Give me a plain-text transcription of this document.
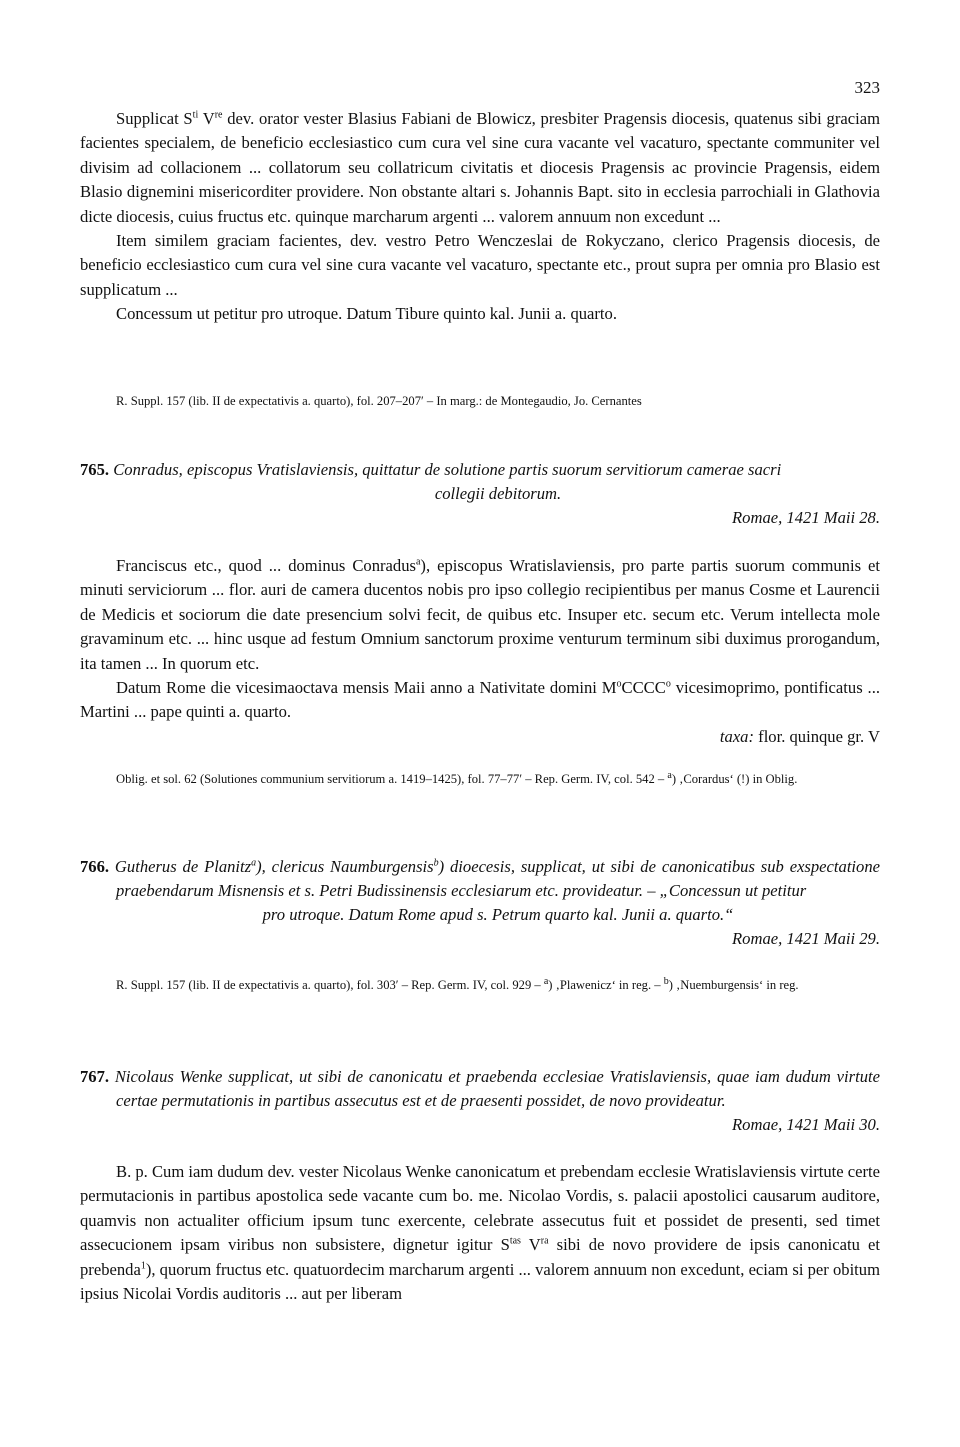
323

Supplicat $S^{ti}$ Vre dev. orator vester Blasius Fabiani de Blowicz, presbiter Pragensis diocesis, quatenus sibi graciam facientes specialem, de beneficio ecclesiastico cum cura vel sine cura vacante vel vacaturo, spectante communiter vel divisim ad collacionem ... collatorum seu collatricum civitatis et diocesis Pragensis ac provincie Pragensis, eidem Blasio dignemini misericorditer providere. Non obstante altari s. Johannis Bapt. sito in ecclesia parrochiali in Glathovia dicte diocesis, cuius fructus etc. quinque marcharum argenti ... valorem annuum non excedunt ...

Item similem graciam facientes, dev. vestro Petro Wenczeslai de Rokyczano, clerico Pragensis diocesis, de beneficio ecclesiastico cum cura vel sine cura vacante vel vacaturo, spectante etc., prout supra per omnia pro Blasio est supplicatum ...

Concessum ut petitur pro utroque. Datum Tibure quinto kal. Junii a. quarto.

R. Suppl. 157 (lib. II de expectativis a. quarto), fol. 207–207′ – In marg.: de Montegaudio, Jo. Cernantes

765. Conradus, episcopus Vratislaviensis, quittatur de solutione partis suorum servitiorum camerae sacri
collegii debitorum.

Romae, 1421 Maii 28.

Franciscus etc., quod ... dominus Conradus$^a$), episcopus Wratislaviensis, pro parte partis suorum communis et minuti serviciorum ... flor. auri de camera ducentos nobis pro ipso collegio recipientibus per manus Cosme et Laurencii de Medicis et sociorum die date presencium solvi fecit, de quibus etc. Insuper etc. secum etc. Verum intellecta mole gravaminum etc. ... hinc usque ad festum Omnium sanctorum proxime venturum terminum sibi duximus prorogandum, ita tamen ... In quorum etc.

Datum Rome die vicesimaoctava mensis Maii anno a Nativitate domini $M^oCCCC^o$ vicesimoprimo, pontificatus ... Martini ... pape quinti a. quarto.

taxa: flor. quinque gr. V

Oblig. et sol. 62 (Solutiones communium servitiorum a. 1419–1425), fol. 77–77′ – Rep. Germ. IV, col. 542 – $^a$) ‚Corardus‘ (!) in Oblig.

766. Gutherus de Planitz$^a$), clericus Naumburgensis$^b$) dioecesis, supplicat, ut sibi de canonicatibus sub exspectatione praebendarum Misnensis et s. Petri Budissinensis ecclesiarum etc. provideatur. – „Concessun ut petitur
pro utroque. Datum Rome apud s. Petrum quarto kal. Junii a. quarto.“

Romae, 1421 Maii 29.

R. Suppl. 157 (lib. II de expectativis a. quarto), fol. 303′ – Rep. Germ. IV, col. 929 – $^a$) ‚Plawenicz‘ in reg. – $^b$) ‚Nuemburgensis‘ in reg.

767. Nicolaus Wenke supplicat, ut sibi de canonicatu et praebenda ecclesiae Vratislaviensis, quae iam dudum virtute certae permutationis in partibus assecutus est et de praesenti possidet, de novo provideatur.

Romae, 1421 Maii 30.

B. p. Cum iam dudum dev. vester Nicolaus Wenke canonicatum et prebendam ecclesie Wratislaviensis virtute certe permutacionis in partibus apostolica sede vacante cum bo. me. Nicolao Vordis, s. palacii apostolici causarum auditore, quamvis non actualiter officium ipsum tunc exercente, celebrate assecutus fuit et possidet de presenti, sed timet assecucionem ipsam viribus non subsistere, dignetur igitur $S^{tas}$ $V^{ra}$ sibi de novo providere de ipsis canonicatu et prebenda$^1$), quorum fructus etc. quatuordecim marcharum argenti ... valorem annuum non excedunt, eciam si per obitum ipsius Nicolai Vordis auditoris ... aut per liberam
